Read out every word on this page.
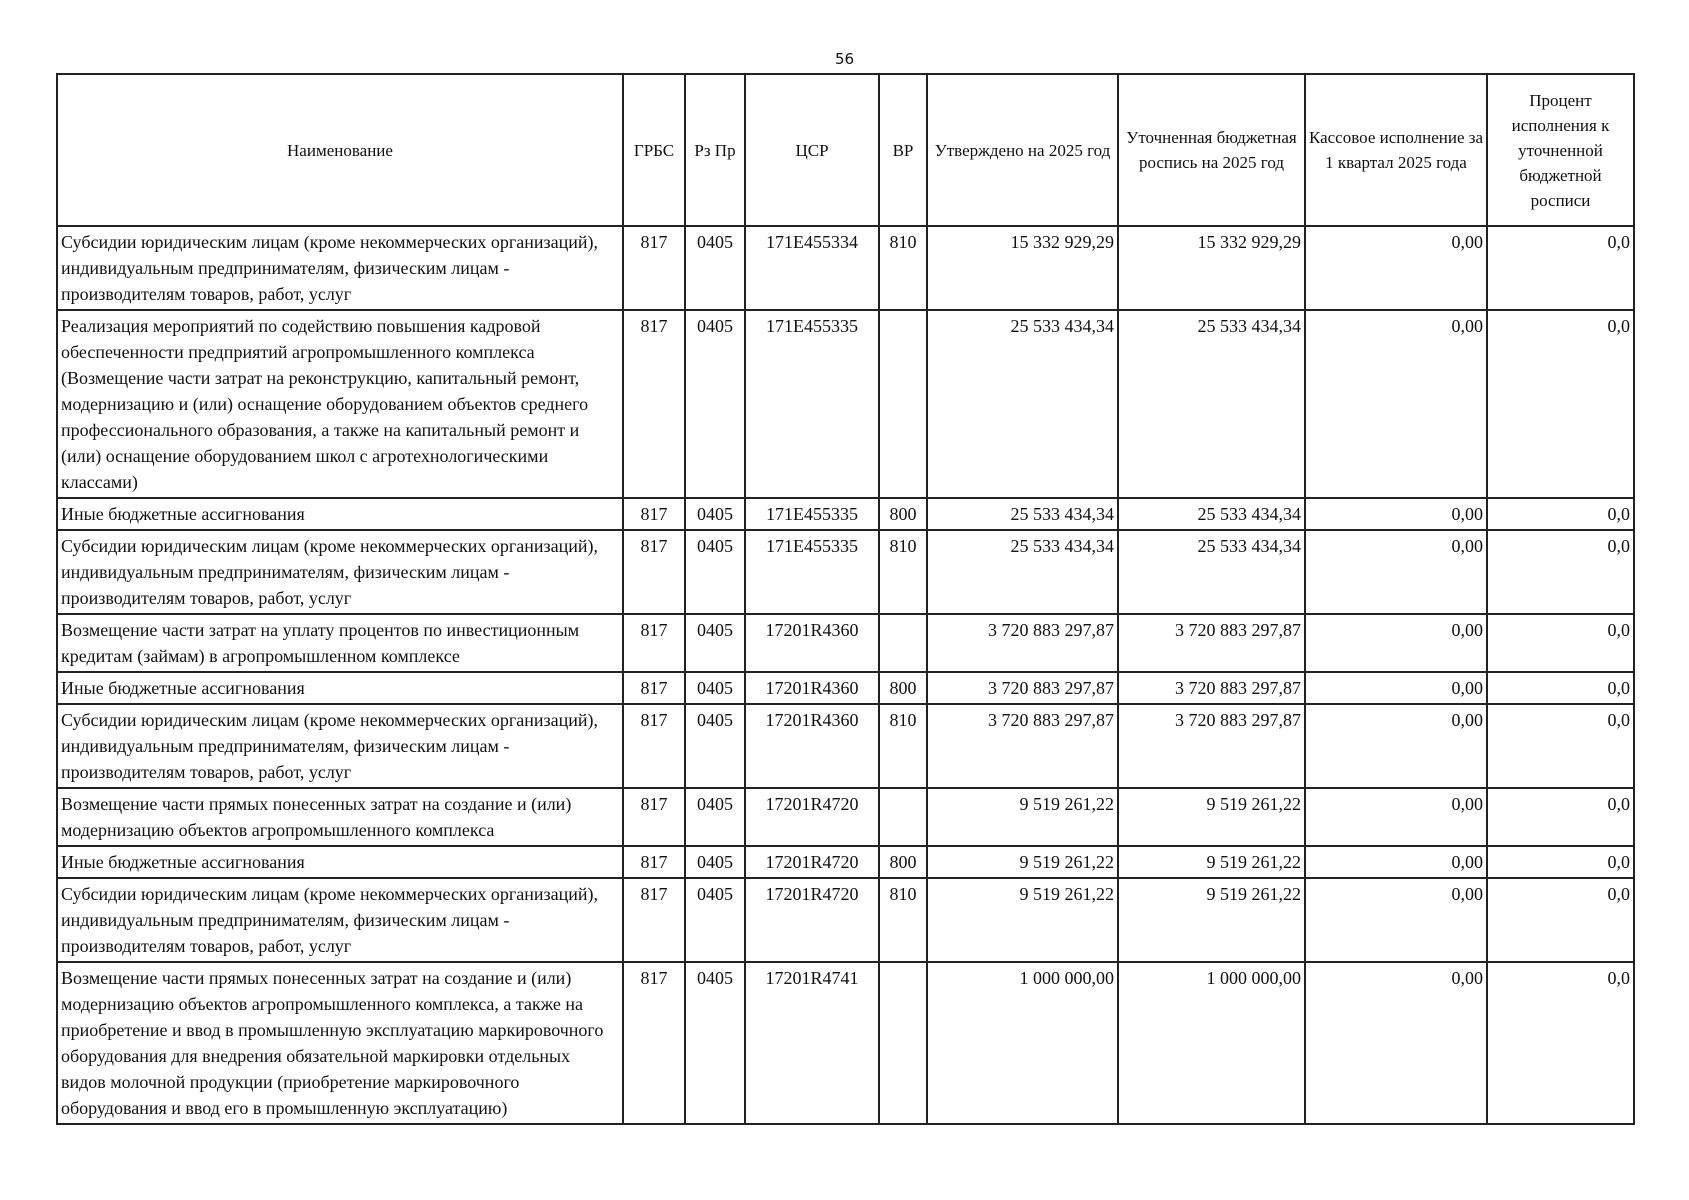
56
Наименование	ГРБС	Рз Пр	ЦСР	ВР	Утверждено на 2025 год	Уточненная бюджетная роспись на 2025 год	Кассовое исполнение за 1 квартал 2025 года	Процент исполнения к уточненной бюджетной росписи
Субсидии юридическим лицам (кроме некоммерческих организаций), индивидуальным предпринимателям, физическим лицам - производителям товаров, работ, услуг	817	0405	171Е455334	810	15 332 929,29	15 332 929,29	0,00	0,0
Реализация мероприятий по содействию повышения кадровой обеспеченности предприятий агропромышленного комплекса (Возмещение части затрат на реконструкцию, капитальный ремонт, модернизацию и (или) оснащение оборудованием объектов среднего профессионального образования, а также на капитальный ремонт и (или) оснащение оборудованием школ с агротехнологическими классами)	817	0405	171Е455335		25 533 434,34	25 533 434,34	0,00	0,0
Иные бюджетные ассигнования	817	0405	171Е455335	800	25 533 434,34	25 533 434,34	0,00	0,0
Субсидии юридическим лицам (кроме некоммерческих организаций), индивидуальным предпринимателям, физическим лицам - производителям товаров, работ, услуг	817	0405	171Е455335	810	25 533 434,34	25 533 434,34	0,00	0,0
Возмещение части затрат на уплату процентов по инвестиционным кредитам (займам) в агропромышленном комплексе	817	0405	17201R4360		3 720 883 297,87	3 720 883 297,87	0,00	0,0
Иные бюджетные ассигнования	817	0405	17201R4360	800	3 720 883 297,87	3 720 883 297,87	0,00	0,0
Субсидии юридическим лицам (кроме некоммерческих организаций), индивидуальным предпринимателям, физическим лицам - производителям товаров, работ, услуг	817	0405	17201R4360	810	3 720 883 297,87	3 720 883 297,87	0,00	0,0
Возмещение части прямых понесенных затрат на создание и (или) модернизацию объектов агропромышленного комплекса	817	0405	17201R4720		9 519 261,22	9 519 261,22	0,00	0,0
Иные бюджетные ассигнования	817	0405	17201R4720	800	9 519 261,22	9 519 261,22	0,00	0,0
Субсидии юридическим лицам (кроме некоммерческих организаций), индивидуальным предпринимателям, физическим лицам - производителям товаров, работ, услуг	817	0405	17201R4720	810	9 519 261,22	9 519 261,22	0,00	0,0
Возмещение части прямых понесенных затрат на создание и (или) модернизацию объектов агропромышленного комплекса, а также на приобретение и ввод в промышленную эксплуатацию маркировочного оборудования для внедрения обязательной маркировки отдельных видов молочной продукции (приобретение маркировочного оборудования и ввод его в промышленную эксплуатацию)	817	0405	17201R4741		1 000 000,00	1 000 000,00	0,00	0,0
